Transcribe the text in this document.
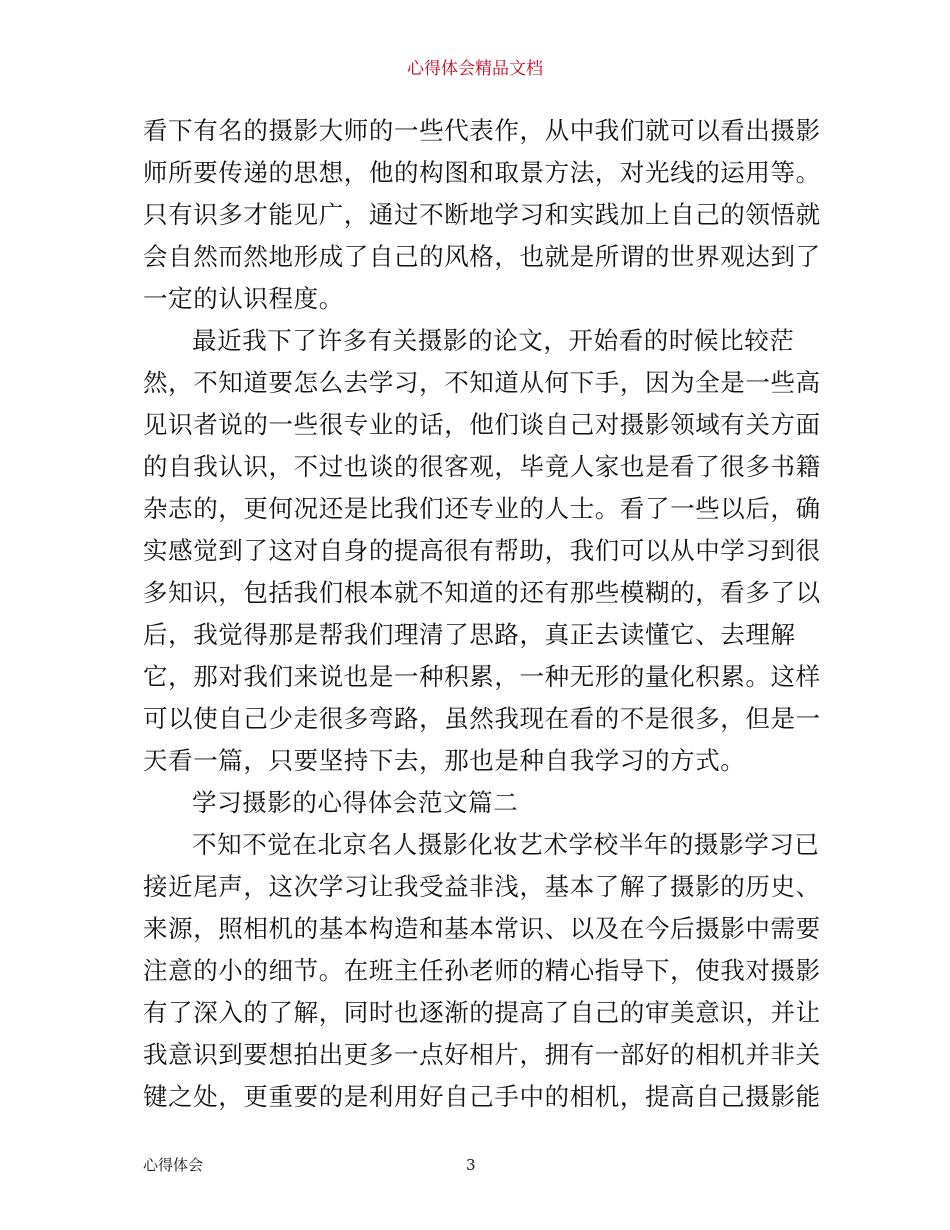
心得体会精品文档
看下有名的摄影大师的一些代表作，从中我们就可以看出摄影
师所要传递的思想，他的构图和取景方法，对光线的运用等。
只有识多才能见广，通过不断地学习和实践加上自己的领悟就
会自然而然地形成了自己的风格，也就是所谓的世界观达到了
一定的认识程度。
最近我下了许多有关摄影的论文，开始看的时候比较茫
然，不知道要怎么去学习，不知道从何下手，因为全是一些高
见识者说的一些很专业的话，他们谈自己对摄影领域有关方面
的自我认识，不过也谈的很客观，毕竟人家也是看了很多书籍
杂志的，更何况还是比我们还专业的人士。看了一些以后，确
实感觉到了这对自身的提高很有帮助，我们可以从中学习到很
多知识，包括我们根本就不知道的还有那些模糊的，看多了以
后，我觉得那是帮我们理清了思路，真正去读懂它、去理解
它，那对我们来说也是一种积累，一种无形的量化积累。这样
可以使自己少走很多弯路，虽然我现在看的不是很多，但是一
天看一篇，只要坚持下去，那也是种自我学习的方式。
学习摄影的心得体会范文篇二
不知不觉在北京名人摄影化妆艺术学校半年的摄影学习已
接近尾声，这次学习让我受益非浅，基本了解了摄影的历史、
来源，照相机的基本构造和基本常识、以及在今后摄影中需要
注意的小的细节。在班主任孙老师的精心指导下，使我对摄影
有了深入的了解，同时也逐渐的提高了自己的审美意识，并让
我意识到要想拍出更多一点好相片，拥有一部好的相机并非关
键之处，更重要的是利用好自己手中的相机，提高自己摄影能
心得体会	3
